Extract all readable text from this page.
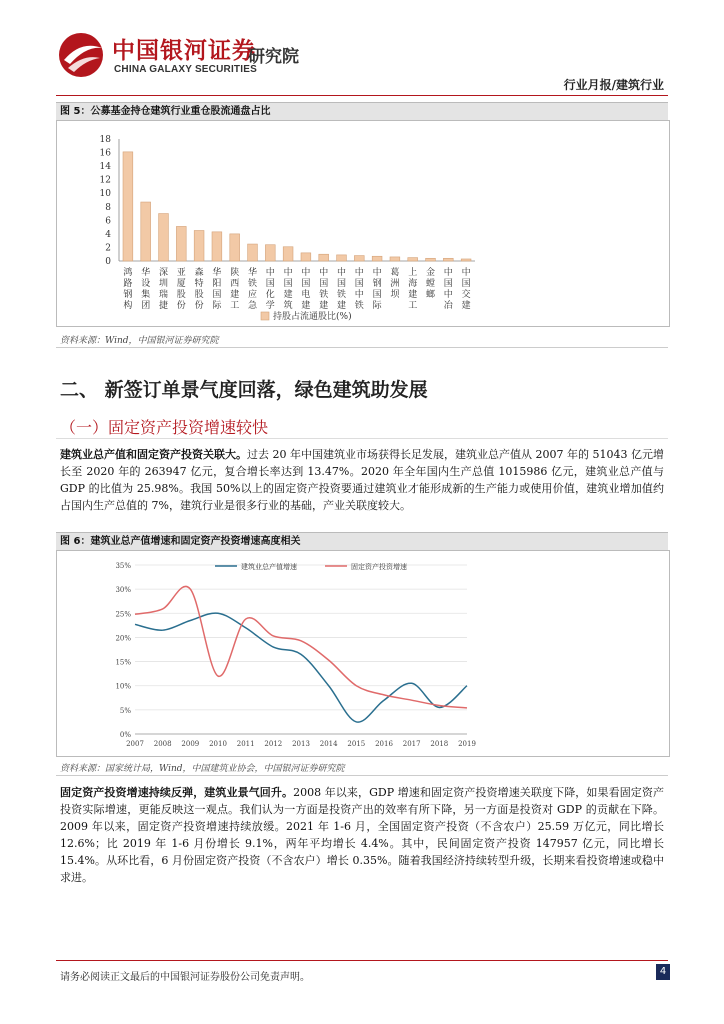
中国银河证券
CHINA GALAXY SECURITIES
研究院
行业月报/建筑行业
图 5：公募基金持仓建筑行业重仓股流通盘占比
18
16
14
12
10
8
6
4
2
0
鸿路钢构
华设集团
深圳瑞捷
亚厦股份
森特股份
华阳国际
陕西建工
华铁应急
中国化学
中国建筑
中国电建
中国铁建
中国铁建
中国中铁
中钢国际
葛洲坝
上海建工
金螳螂
中国中冶
中国交建
持股占流通股比(%)
资料来源：Wind，中国银河证券研究院
二、 新签订单景气度回落，绿色建筑助发展
（一）固定资产投资增速较快
建筑业总产值和固定资产投资关联大。过去 20 年中国建筑业市场获得长足发展，建筑业总产值从 2007 年的 51043 亿元增长至 2020 年的 263947 亿元，复合增长率达到 13.47%。2020 年全年国内生产总值 1015986 亿元，建筑业总产值与 GDP 的比值为 25.98%。我国 50%以上的固定资产投资要通过建筑业才能形成新的生产能力或使用价值，建筑业增加值约占国内生产总值的 7%，建筑行业是很多行业的基础，产业关联度较大。
图 6：建筑业总产值增速和固定资产投资增速高度相关
35%
30%
25%
20%
15%
10%
5%
0%
2007 2008 2009 2010 2011 2012 2013 2014 2015 2016 2017 2018 2019
建筑业总产值增速	固定资产投资增速
资料来源：国家统计局，Wind，中国建筑业协会，中国银河证券研究院
固定资产投资增速持续反弹，建筑业景气回升。2008 年以来，GDP 增速和固定资产投资增速关联度下降，如果看固定资产投资实际增速，更能反映这一观点。我们认为一方面是投资产出的效率有所下降，另一方面是投资对 GDP 的贡献在下降。2009 年以来，固定资产投资增速持续放缓。2021 年 1-6 月，全国固定资产投资（不含农户）25.59 万亿元，同比增长 12.6%；比 2019 年 1-6 月份增长 9.1%，两年平均增长 4.4%。其中，民间固定资产投资 147957 亿元，同比增长 15.4%。从环比看，6 月份固定资产投资（不含农户）增长 0.35%。随着我国经济持续转型升级，长期来看投资增速或稳中求进。
请务必阅读正文最后的中国银河证券股份公司免责声明。
4
